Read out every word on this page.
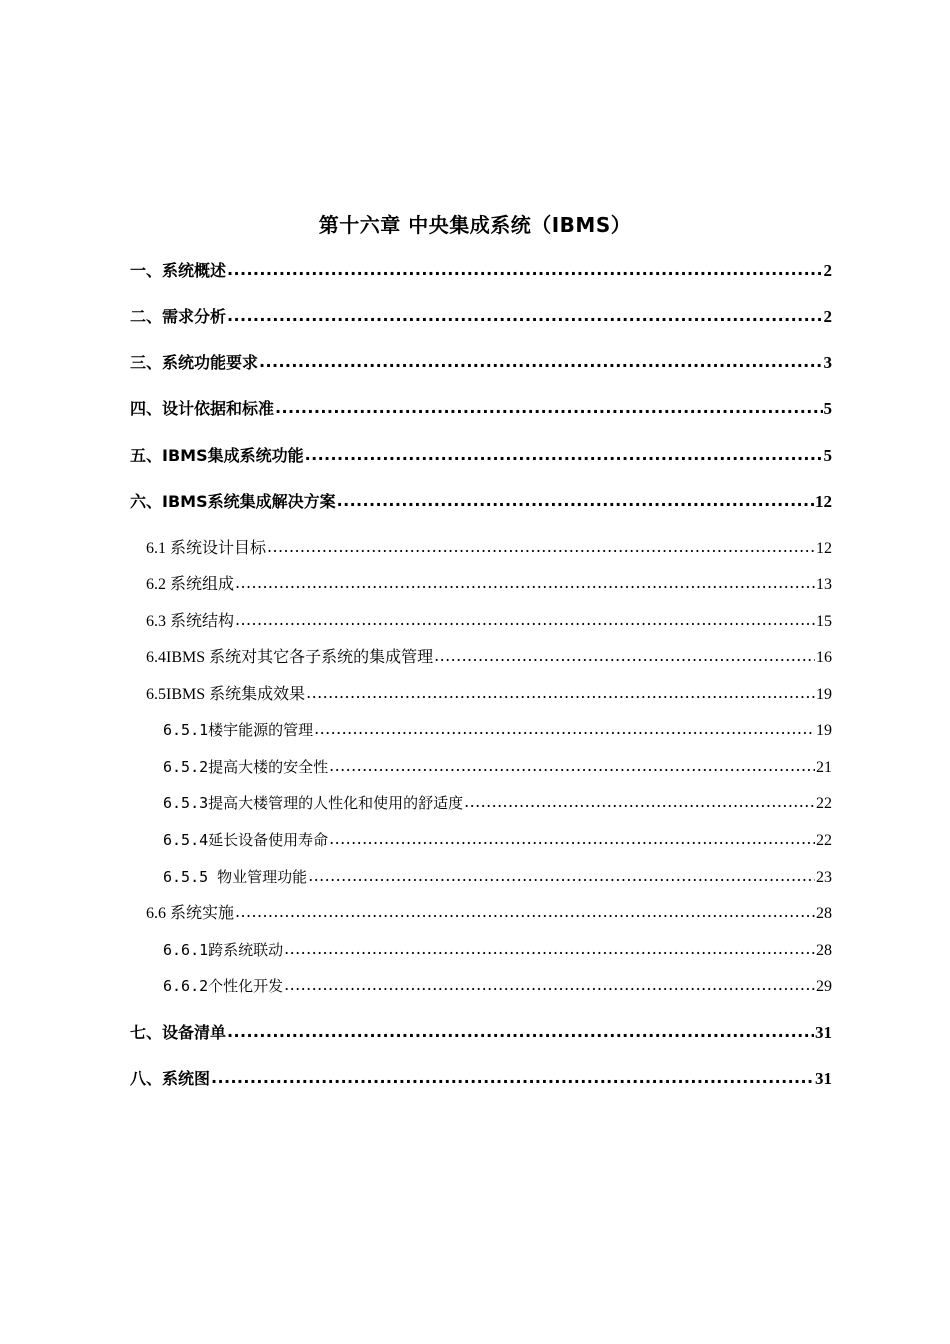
第十六章 中央集成系统（IBMS）
一、系统概述 .....	2
二、需求分析 .....	2
三、系统功能要求 .....	3
四、设计依据和标准 .....	5
五、IBMS集成系统功能 .....	5
六、IBMS系统集成解决方案 .....	12
6.1 系统设计目标 .....	12
6.2 系统组成 .....	13
6.3 系统结构 .....	15
6.4IBMS 系统对其它各子系统的集成管理 .....	16
6.5IBMS 系统集成效果 .....	19
6.5.1楼宇能源的管理 .....	19
6.5.2提高大楼的安全性 .....	21
6.5.3提高大楼管理的人性化和使用的舒适度 .....	22
6.5.4延长设备使用寿命 .....	22
6.5.5 物业管理功能 .....	23
6.6 系统实施 .....	28
6.6.1跨系统联动 .....	28
6.6.2个性化开发 .....	29
七、设备清单 .....	31
八、系统图 .....	31
